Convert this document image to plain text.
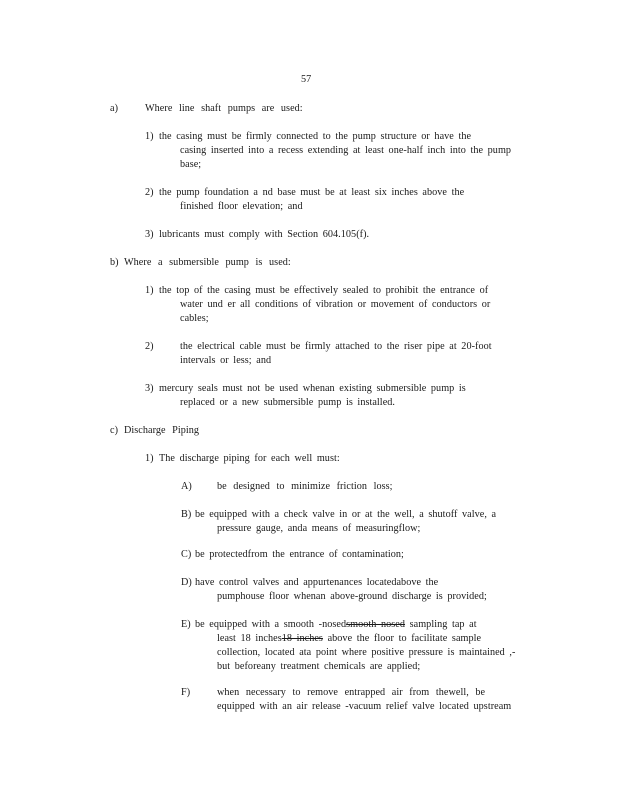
57
a)	Where line shaft pumps are used:
1) the casing must be firmly connected to the pump structure or have the
casing inserted into a recess extending at least one-half inch into the pump
base;
2) the pump foundation a nd base must be at least six inches above the
finished floor elevation; and
3) lubricants must comply with Section 604.105(f).
b) Where a submersible pump is used:
1) the top of the casing must be effectively sealed to prohibit the entrance of
water und er all conditions of vibration or movement of conductors or
cables;
2)	the electrical cable must be firmly attached to the riser pipe at 20-foot
intervals or less; and
3) mercury seals must not be used whenan existing submersible pump is
replaced or a new submersible pump is installed.
c) Discharge Piping
1) The discharge piping for each well must:
A) be designed to minimize friction loss;
B) be equipped with a check valve in or at the well, a shutoff valve, a
pressure gauge, anda means of measuringflow;
C) be protectedfrom the entrance of contamination;
D) have control valves and appurtenances locatedabove the
pumphouse floor whenan above-ground discharge is provided;
E) be equipped with a smooth -nosedsmooth nosed sampling tap at
least 18 inches18 inches above the floor to facilitate sample
collection, located ata point where positive pressure is maintained ,-
but beforeany treatment chemicals are applied;
F)	when necessary to remove entrapped air from thewell, be
equipped with an air release -vacuum relief valve located upstream
